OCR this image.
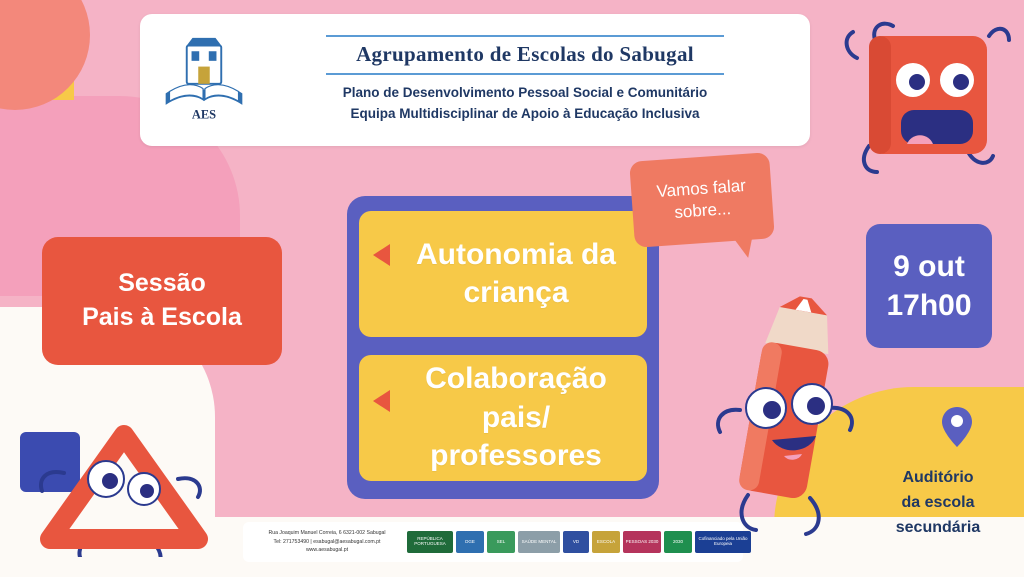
AES
Agrupamento de Escolas do Sabugal
Plano de Desenvolvimento Pessoal Social e Comunitário
Equipa Multidisciplinar de Apoio à Educação Inclusiva
Sessão
Pais à Escola
Autonomia da
criança
Colaboração
pais/ professores
Vamos falar
sobre...
9 out
17h00
Auditório
da escola
secundária
Rua Joaquim Manuel Correia, 6 6321-002 Sabugal
Tel: 271753490 | esabugal@aesabugal.com.pt
www.aesabugal.pt
REPÚBLICA PORTUGUESA	DGE	SEL	SAÚDE MENTAL	VD	ESCOLA	PESSOAS 2030	2030	Cofinanciado pela União Europeia
